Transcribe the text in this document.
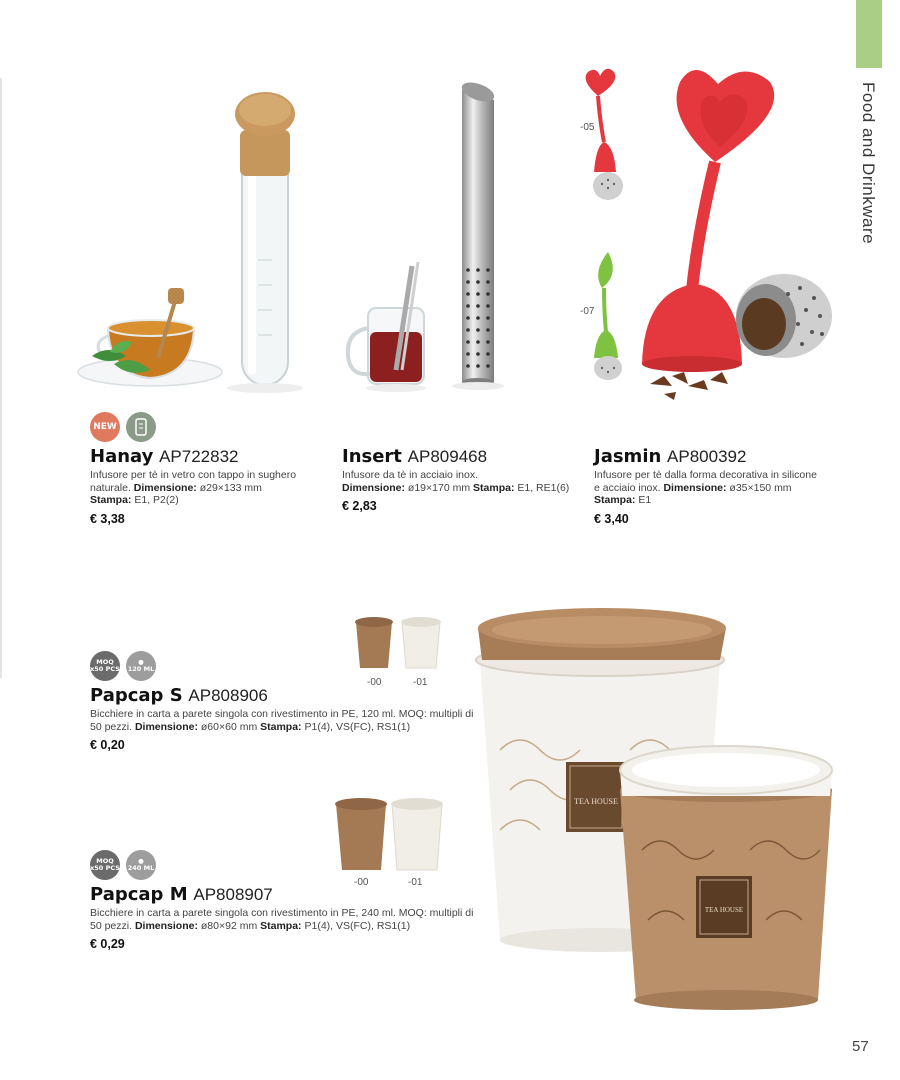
Food and Drinkware
57
-05
-07
NEW
Hanay AP722832
Infusore per tè in vetro con tappo in sughero
naturale. Dimensione: ø29×133 mm
Stampa: E1, P2(2)
€ 3,38
Insert AP809468
Infusore da tè in acciaio inox.
Dimensione: ø19×170 mm Stampa: E1, RE1(6)
€ 2,83
Jasmin AP800392
Infusore per tè dalla forma decorativa in silicone
e acciaio inox. Dimensione: ø35×150 mm
Stampa: E1
€ 3,40
-00	-01
-00	-01
TEA HOUSE
TEA HOUSE
MOQ
x50 PCS
●
120 ML
Papcap S AP808906
Bicchiere in carta a parete singola con rivestimento in PE, 120 ml. MOQ: multipli di
50 pezzi. Dimensione: ø60×60 mm Stampa: P1(4), VS(FC), RS1(1)
€ 0,20
MOQ
x50 PCS
●
240 ML
Papcap M AP808907
Bicchiere in carta a parete singola con rivestimento in PE, 240 ml. MOQ: multipli di
50 pezzi. Dimensione: ø80×92 mm Stampa: P1(4), VS(FC), RS1(1)
€ 0,29
